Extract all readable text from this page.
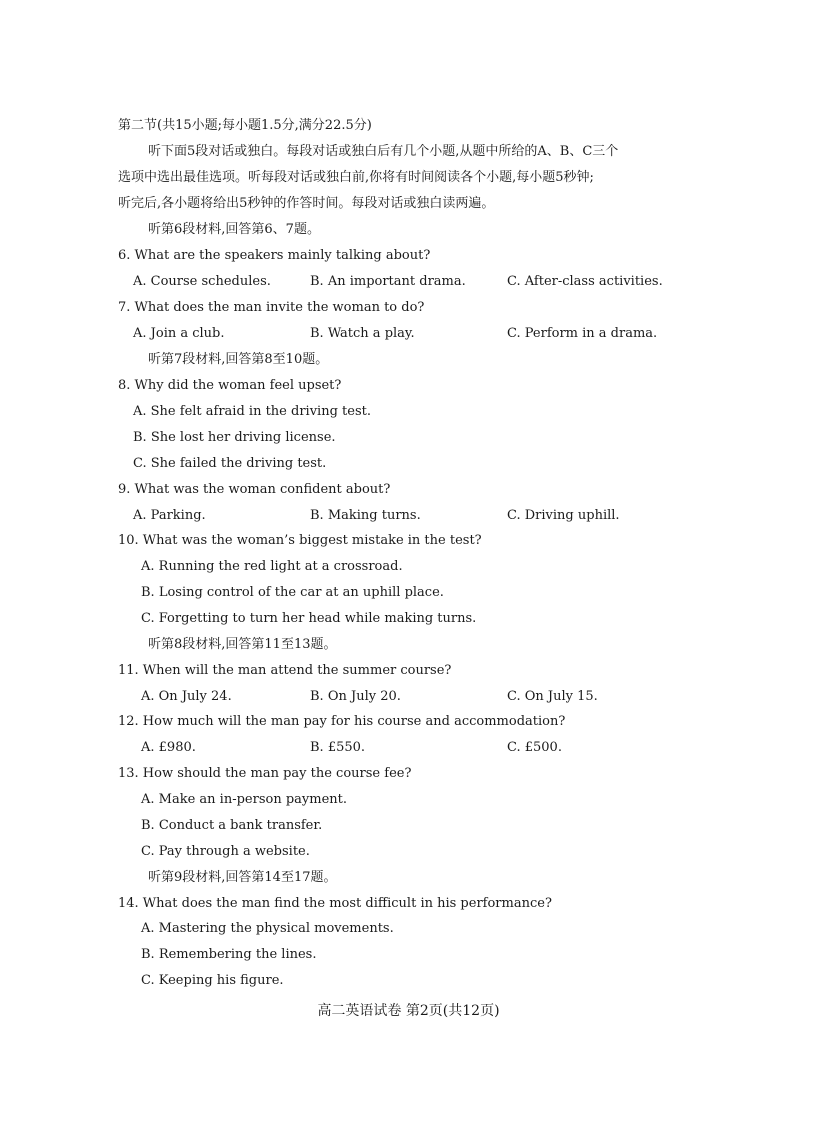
第二节(共15小题;每小题1.5分,满分22.5分)
听下面5段对话或独白。每段对话或独白后有几个小题,从题中所给的A、B、C三个
选项中选出最佳选项。听每段对话或独白前,你将有时间阅读各个小题,每小题5秒钟;
听完后,各小题将给出5秒钟的作答时间。每段对话或独白读两遍。
听第6段材料,回答第6、7题。
6. What are the speakers mainly talking about?
A. Course schedules.	B. An important drama.	C. After-class activities.
7. What does the man invite the woman to do?
A. Join a club.	B. Watch a play.	C. Perform in a drama.
听第7段材料,回答第8至10题。
8. Why did the woman feel upset?
A. She felt afraid in the driving test.
B. She lost her driving license.
C. She failed the driving test.
9. What was the woman confident about?
A. Parking.	B. Making turns.	C. Driving uphill.
10. What was the woman’s biggest mistake in the test?
A. Running the red light at a crossroad.
B. Losing control of the car at an uphill place.
C. Forgetting to turn her head while making turns.
听第8段材料,回答第11至13题。
11. When will the man attend the summer course?
A. On July 24.	B. On July 20.	C. On July 15.
12. How much will the man pay for his course and accommodation?
A. £980.	B. £550.	C. £500.
13. How should the man pay the course fee?
A. Make an in-person payment.
B. Conduct a bank transfer.
C. Pay through a website.
听第9段材料,回答第14至17题。
14. What does the man find the most difficult in his performance?
A. Mastering the physical movements.
B. Remembering the lines.
C. Keeping his figure.
高二英语试卷 第2页(共12页)
